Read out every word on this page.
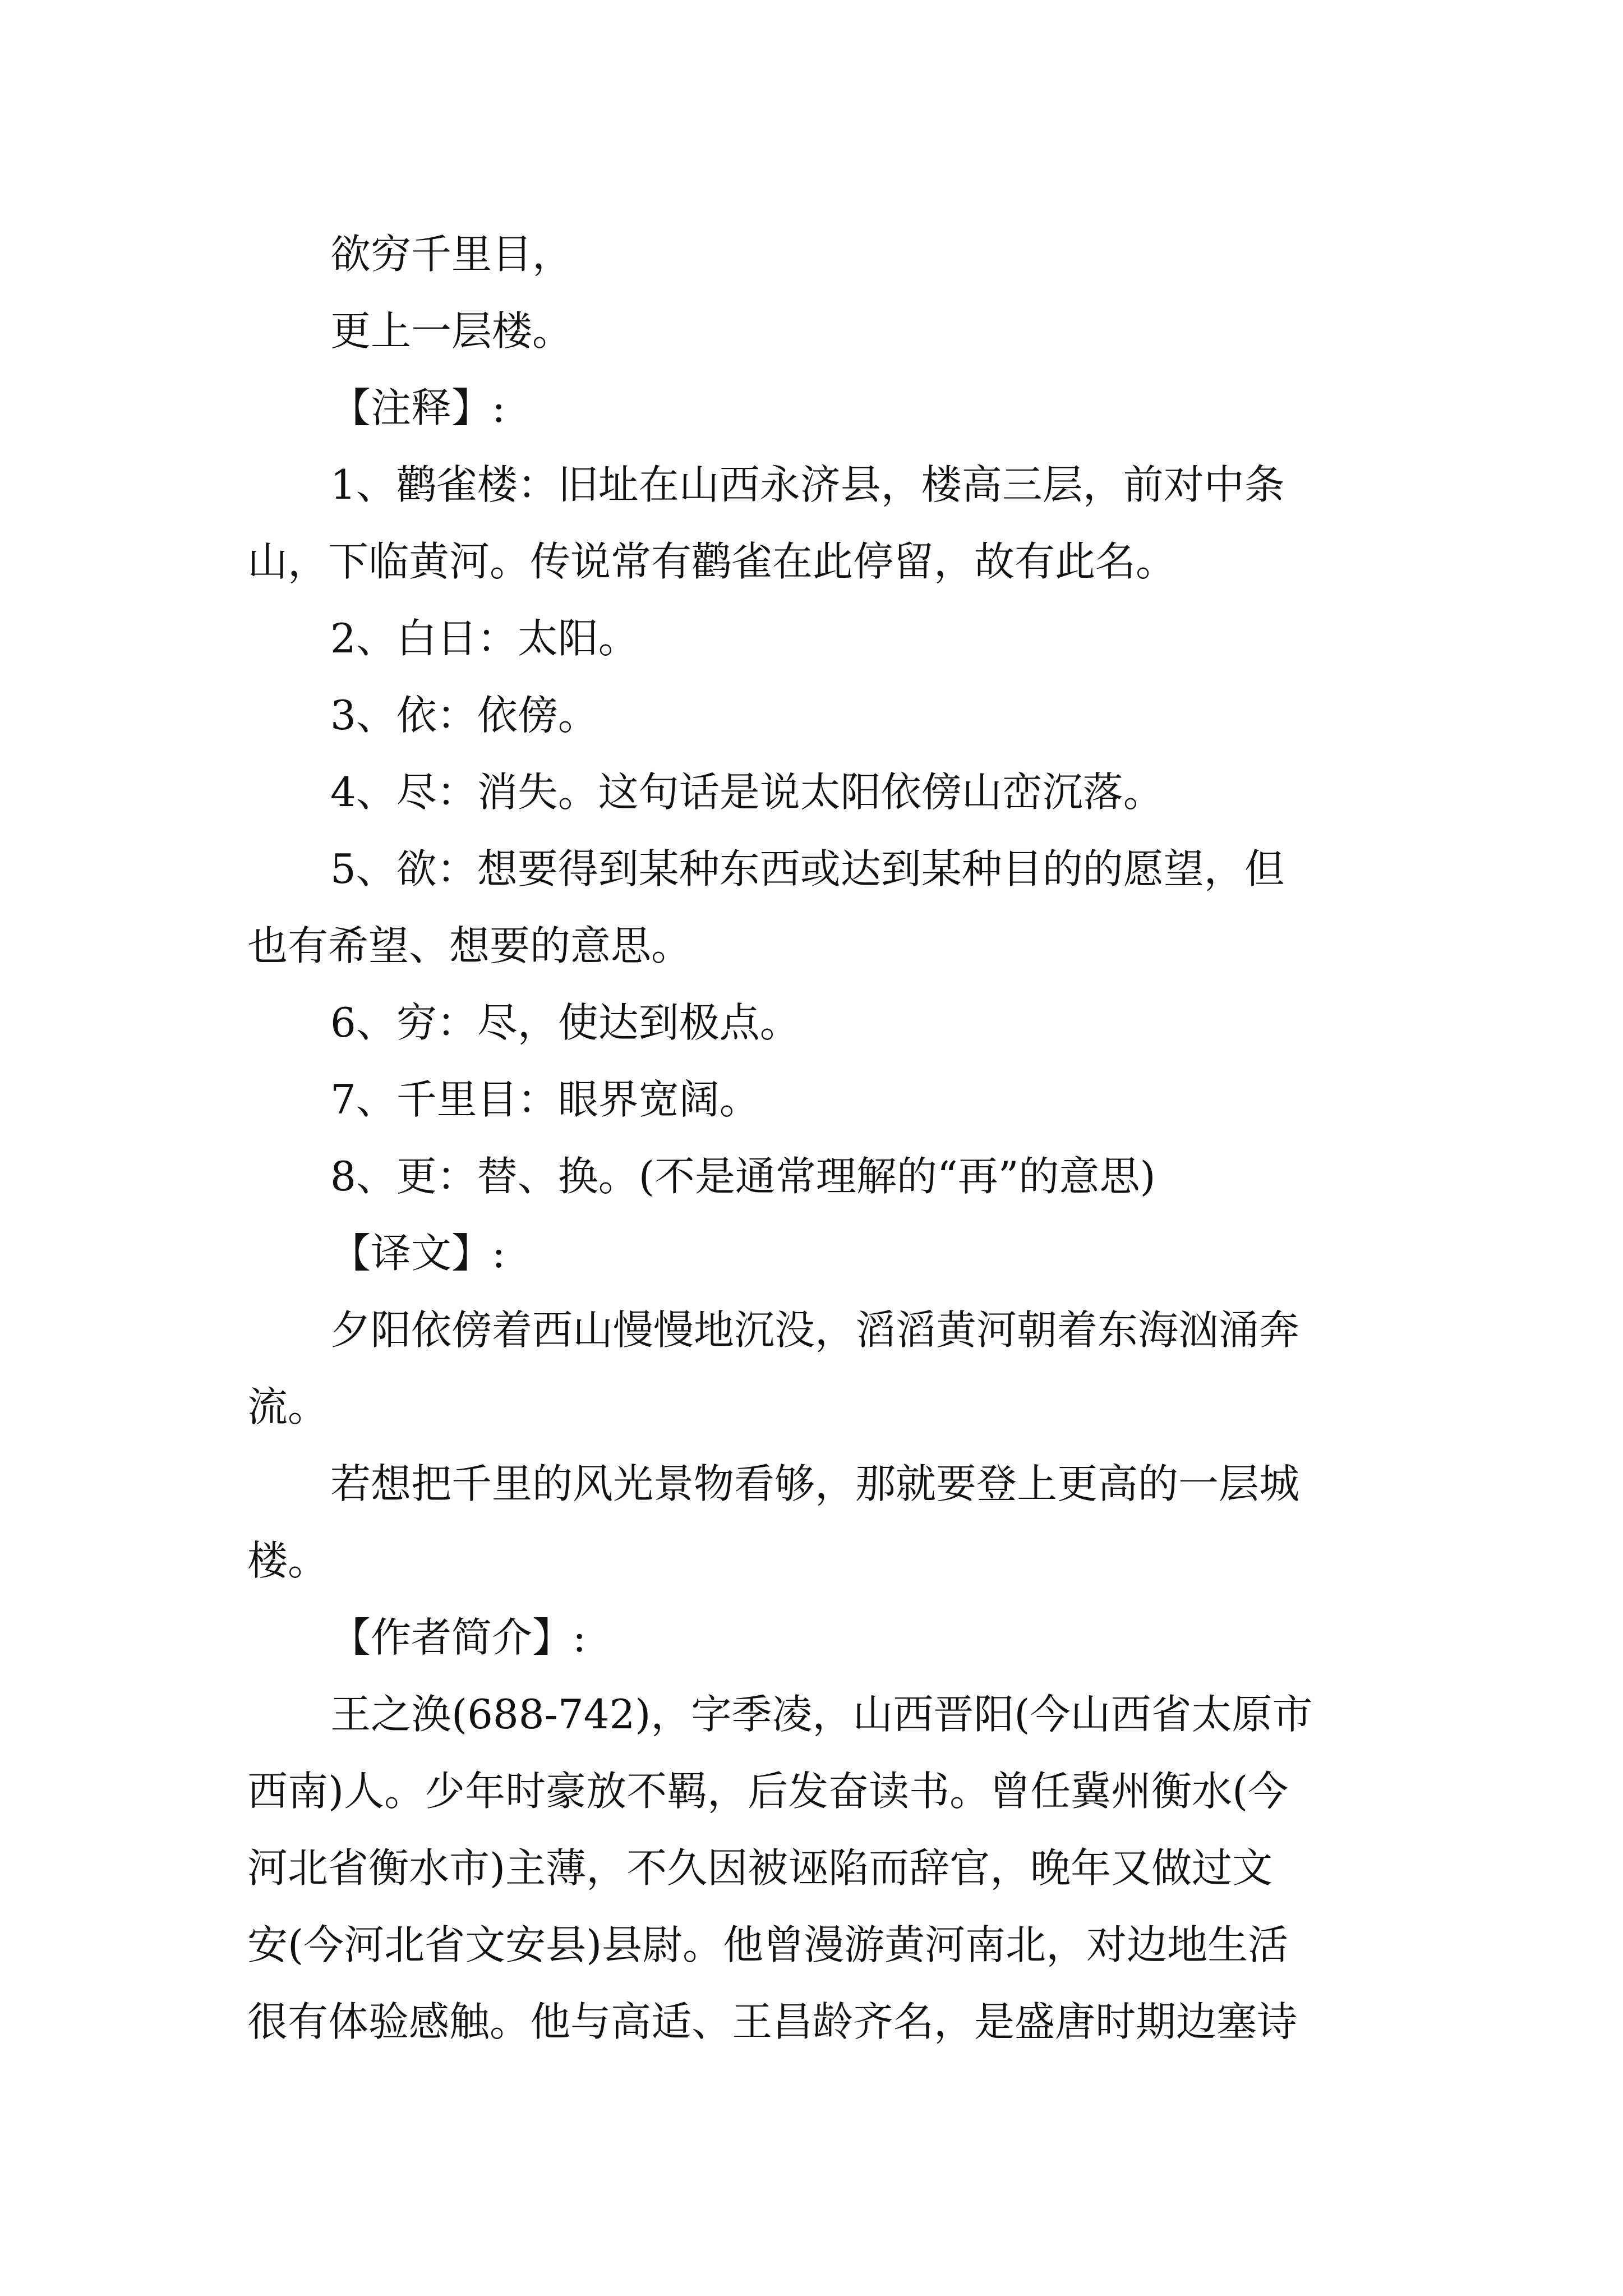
欲穷千里目，
更上一层楼。
【注释】:
1、鹳雀楼：旧址在山西永济县，楼高三层，前对中条
山，下临黄河。传说常有鹳雀在此停留，故有此名。
2、白日：太阳。
3、依：依傍。
4、尽：消失。这句话是说太阳依傍山峦沉落。
5、欲：想要得到某种东西或达到某种目的的愿望，但
也有希望、想要的意思。
6、穷：尽，使达到极点。
7、千里目：眼界宽阔。
8、更：替、换。(不是通常理解的“再”的意思)
【译文】:
夕阳依傍着西山慢慢地沉没，滔滔黄河朝着东海汹涌奔
流。
若想把千里的风光景物看够，那就要登上更高的一层城
楼。
【作者简介】:
王之涣(688-742)，字季凌，山西晋阳(今山西省太原市
西南)人。少年时豪放不羁，后发奋读书。曾任冀州衡水(今
河北省衡水市)主薄，不久因被诬陷而辞官，晚年又做过文
安(今河北省文安县)县尉。他曾漫游黄河南北，对边地生活
很有体验感触。他与高适、王昌龄齐名，是盛唐时期边塞诗
